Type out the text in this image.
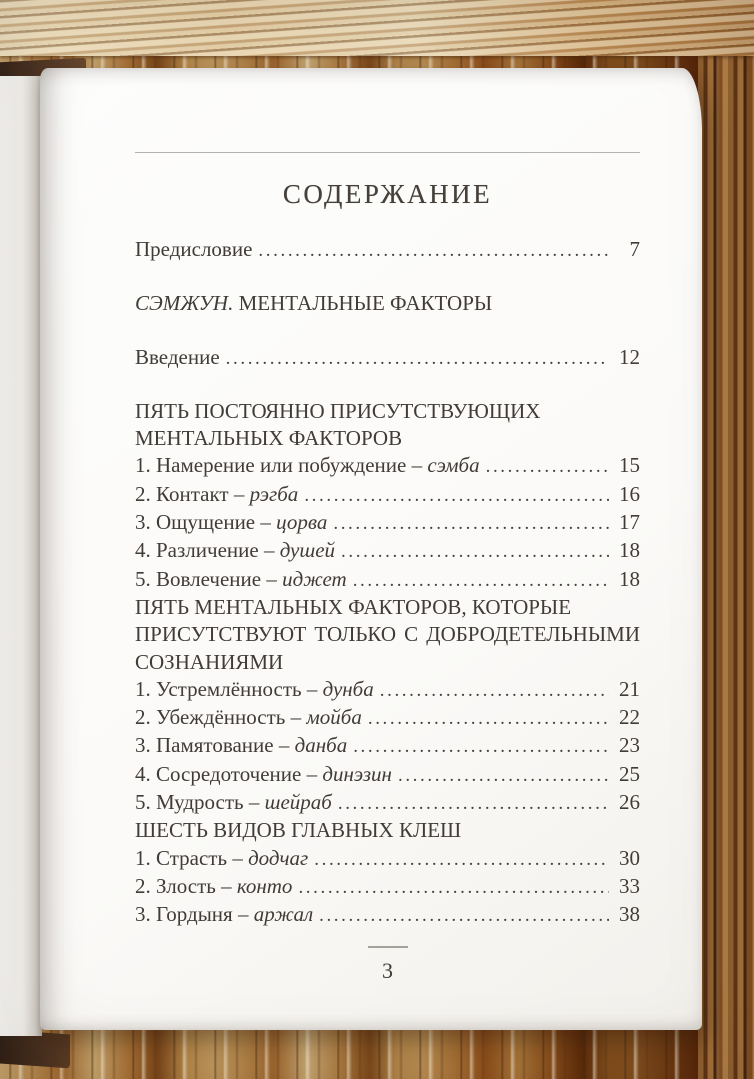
СОДЕРЖАНИЕ
Предисловие .....	7
СЭМЖУН. МЕНТАЛЬНЫЕ ФАКТОРЫ
Введение .....	12
ПЯТЬ ПОСТОЯННО ПРИСУТСТВУЮЩИХ
МЕНТАЛЬНЫХ ФАКТОРОВ
1. Намерение или побуждение – сэмба .....	15
2. Контакт – рэгба .....	16
3. Ощущение – цорва .....	17
4. Различение – душей .....	18
5. Вовлечение – иджет .....	18
ПЯТЬ МЕНТАЛЬНЫХ ФАКТОРОВ, КОТОРЫЕ
ПРИСУТСТВУЮТ ТОЛЬКО С ДОБРОДЕТЕЛЬНЫМИ
СОЗНАНИЯМИ
1. Устремлённость – дунба .....	21
2. Убеждённость – мойба .....	22
3. Памятование – данба .....	23
4. Сосредоточение – динэзин .....	25
5. Мудрость – шейраб .....	26
ШЕСТЬ ВИДОВ ГЛАВНЫХ КЛЕШ
1. Страсть – додчаг .....	30
2. Злость – конто .....	33
3. Гордыня – аржал .....	38
3
